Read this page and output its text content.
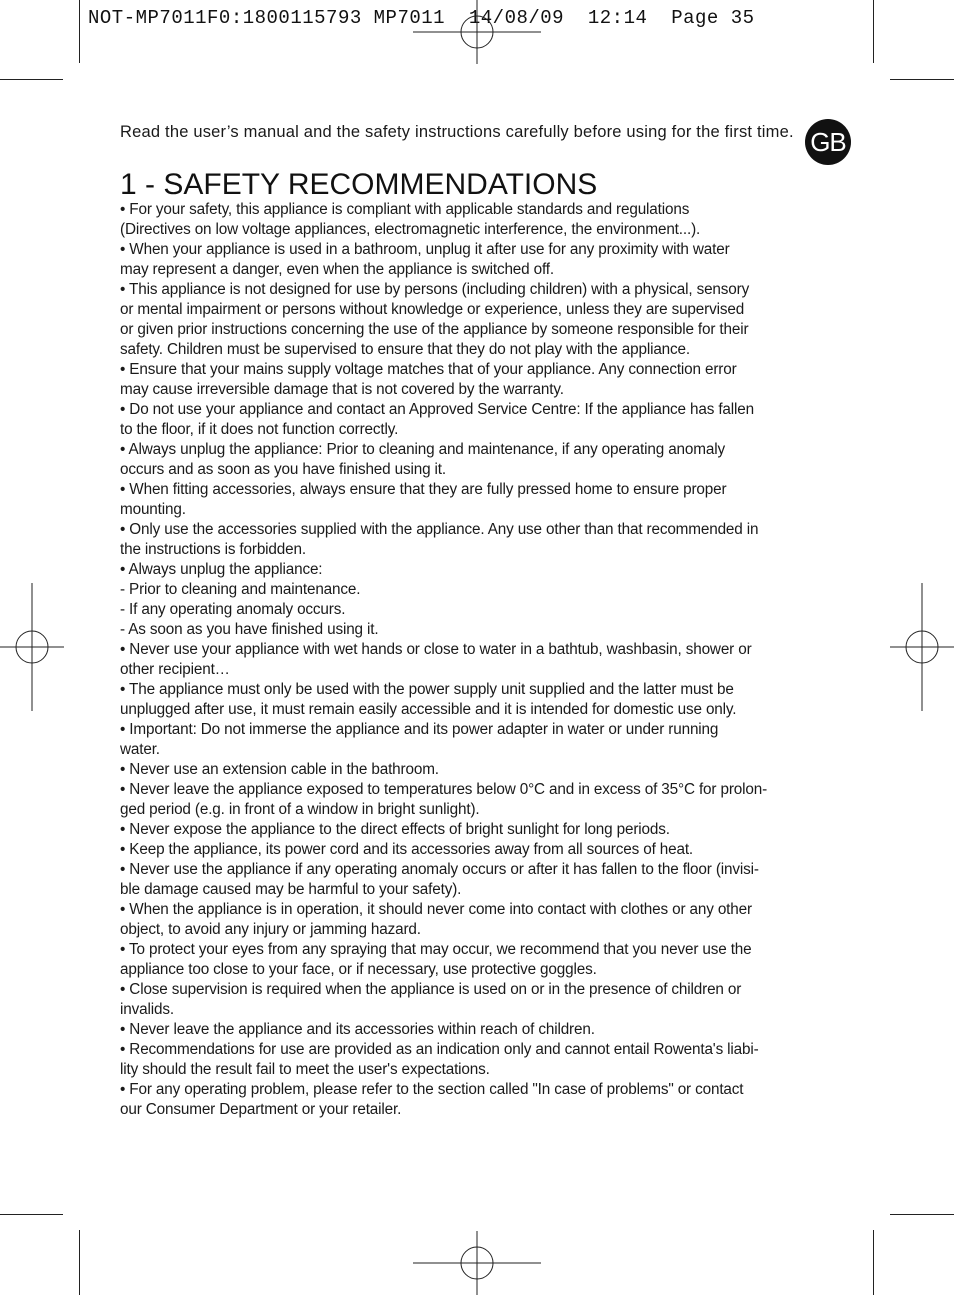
NOT-MP7011F0:1800115793 MP7011  14/08/09  12:14  Page 35
Read the user’s manual and the safety instructions carefully before using for the first time. GB
1 - SAFETY RECOMMENDATIONS
• For your safety, this appliance is compliant with applicable standards and regulations
(Directives on low voltage appliances, electromagnetic interference, the environment...).
• When your appliance is used in a bathroom, unplug it after use for any proximity with water
may represent a danger, even when the appliance is switched off.
• This appliance is not designed for use by persons (including children) with a physical, sensory
or mental impairment or persons without knowledge or experience, unless they are supervised
or given prior instructions concerning the use of the appliance by someone responsible for their
safety. Children must be supervised to ensure that they do not play with the appliance.
• Ensure that your mains supply voltage matches that of your appliance. Any connection error
may cause irreversible damage that is not covered by the warranty.
• Do not use your appliance and contact an Approved Service Centre: If the appliance has fallen
to the floor, if it does not function correctly.
• Always unplug the appliance: Prior to cleaning and maintenance, if any operating anomaly
occurs and as soon as you have finished using it.
• When fitting accessories, always ensure that they are fully pressed home to ensure proper
mounting.
• Only use the accessories supplied with the appliance. Any use other than that recommended in
the instructions is forbidden.
• Always unplug the appliance:
- Prior to cleaning and maintenance.
- If any operating anomaly occurs.
- As soon as you have finished using it.
• Never use your appliance with wet hands or close to water in a bathtub, washbasin, shower or
other recipient…
• The appliance must only be used with the power supply unit supplied and the latter must be
unplugged after use, it must remain easily accessible and it is intended for domestic use only.
• Important: Do not immerse the appliance and its power adapter in water or under running
water.
• Never use an extension cable in the bathroom.
• Never leave the appliance exposed to temperatures below 0°C and in excess of 35°C for prolon-
ged period (e.g. in front of a window in bright sunlight).
• Never expose the appliance to the direct effects of bright sunlight for long periods.
• Keep the appliance, its power cord and its accessories away from all sources of heat.
• Never use the appliance if any operating anomaly occurs or after it has fallen to the floor (invisi-
ble damage caused may be harmful to your safety).
• When the appliance is in operation, it should never come into contact with clothes or any other
object, to avoid any injury or jamming hazard.
• To protect your eyes from any spraying that may occur, we recommend that you never use the
appliance too close to your face, or if necessary, use protective goggles.
• Close supervision is required when the appliance is used on or in the presence of children or
invalids.
• Never leave the appliance and its accessories within reach of children.
• Recommendations for use are provided as an indication only and cannot entail Rowenta's liabi-
lity should the result fail to meet the user's expectations.
• For any operating problem, please refer to the section called "In case of problems" or contact
our Consumer Department or your retailer.
